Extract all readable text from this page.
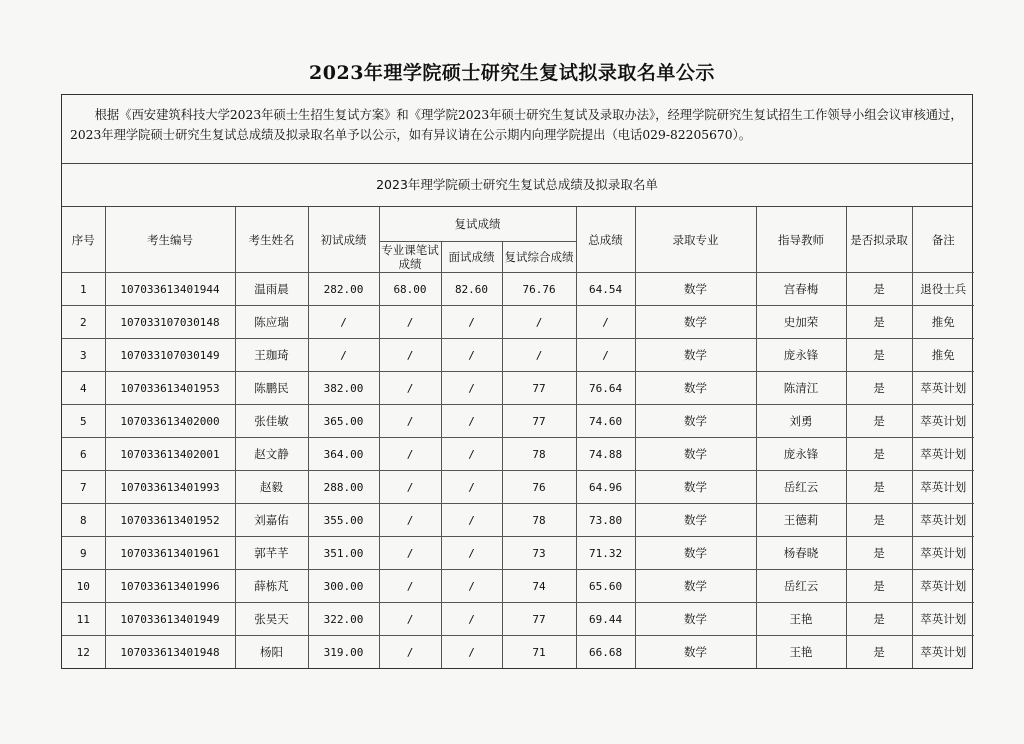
2023年理学院硕士研究生复试拟录取名单公示
根据《西安建筑科技大学2023年硕士生招生复试方案》和《理学院2023年硕士研究生复试及录取办法》，经理学院研究生复试招生工作领导小组会议审核通过，2023年理学院硕士研究生复试总成绩及拟录取名单予以公示，如有异议请在公示期内向理学院提出（电话029-82205670）。
2023年理学院硕士研究生复试总成绩及拟录取名单
序号	考生编号	考生姓名	初试成绩	复试成绩			总成绩	录取专业	指导教师	是否拟录取	备注
				专业课笔试成绩	面试成绩	复试综合成绩					
1	107033613401944	温雨晨	282.00	68.00	82.60	76.76	64.54	数学	宫春梅	是	退役士兵
2	107033107030148	陈应瑞	/	/	/	/	/	数学	史加荣	是	推免
3	107033107030149	王珈琦	/	/	/	/	/	数学	庞永锋	是	推免
4	107033613401953	陈鹏民	382.00	/	/	77	76.64	数学	陈清江	是	萃英计划
5	107033613402000	张佳敏	365.00	/	/	77	74.60	数学	刘勇	是	萃英计划
6	107033613402001	赵文静	364.00	/	/	78	74.88	数学	庞永锋	是	萃英计划
7	107033613401993	赵毅	288.00	/	/	76	64.96	数学	岳红云	是	萃英计划
8	107033613401952	刘嘉佑	355.00	/	/	78	73.80	数学	王德莉	是	萃英计划
9	107033613401961	郭芊芊	351.00	/	/	73	71.32	数学	杨春晓	是	萃英计划
10	107033613401996	薛栋芃	300.00	/	/	74	65.60	数学	岳红云	是	萃英计划
11	107033613401949	张昊天	322.00	/	/	77	69.44	数学	王艳	是	萃英计划
12	107033613401948	杨阳	319.00	/	/	71	66.68	数学	王艳	是	萃英计划
